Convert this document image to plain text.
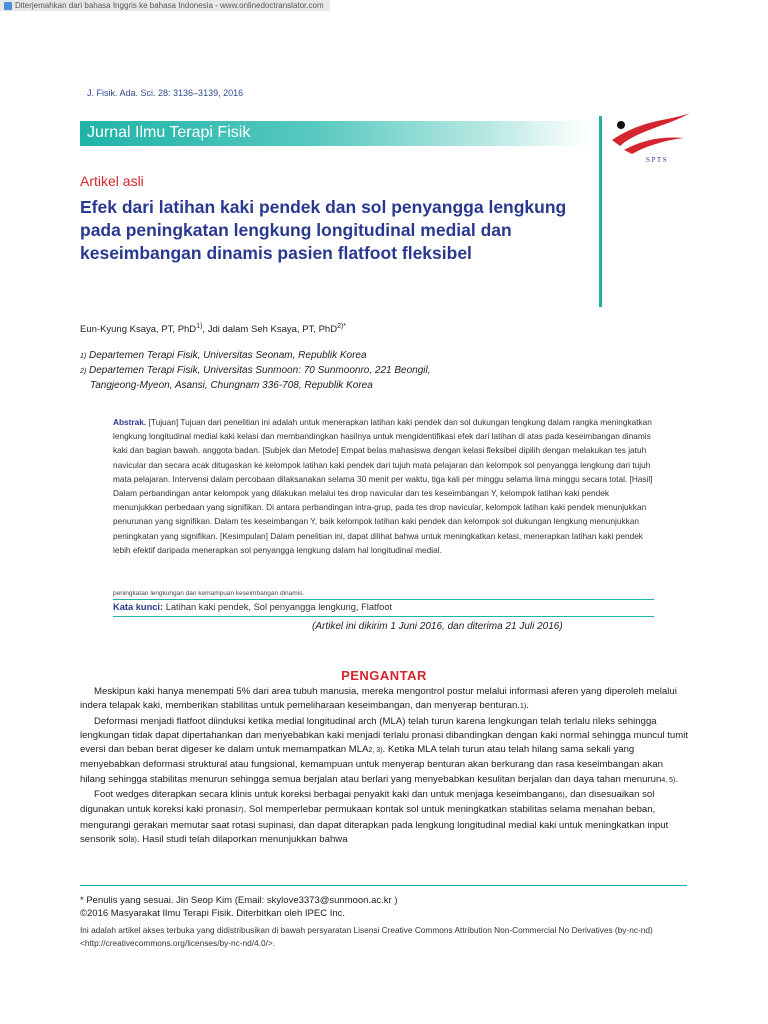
Diterjemahkan dari bahasa Inggris ke bahasa Indonesia - www.onlinedoctranslator.com
J. Fisik. Ada. Sci. 28: 3136–3139, 2016
Jurnal Ilmu Terapi Fisik
S P T S
Artikel asli
Efek dari latihan kaki pendek dan sol penyangga lengkung pada peningkatan lengkung longitudinal medial dan keseimbangan dinamis pasien flatfoot fleksibel
Eun-Kyung Ksaya, PT, PhD$^{1)}$, Jdi dalam Seh Ksaya, PT, PhD$^{2)*}$
1) Departemen Terapi Fisik, Universitas Seonam, Republik Korea
2) Departemen Terapi Fisik, Universitas Sunmoon: 70 Sunmoonro, 221 Beongil,
Tangjeong-Myeon, Asansi, Chungnam 336-708, Republik Korea
Abstrak. [Tujuan] Tujuan dari penelitian ini adalah untuk menerapkan latihan kaki pendek dan sol dukungan lengkung dalam rangka meningkatkan lengkung longitudinal medial kaki kelasi dan membandingkan hasilnya untuk mengidentifikasi efek dari latihan di atas pada keseimbangan dinamis kaki dan bagian bawah. anggota badan. [Subjek dan Metode] Empat belas mahasiswa dengan kelasi fleksibel dipilih dengan melakukan tes jatuh navicular dan secara acak ditugaskan ke kelompok latihan kaki pendek dari tujuh mata pelajaran dan kelompok sol penyangga lengkung dari tujuh mata pelajaran. Intervensi dalam percobaan dilaksanakan selama 30 menit per waktu, tiga kali per minggu selama lima minggu secara total. [Hasil] Dalam perbandingan antar kelompok yang dilakukan melalui tes drop navicular dan tes keseimbangan Y, kelompok latihan kaki pendek menunjukkan perbedaan yang signifikan. Di antara perbandingan intra-grup, pada tes drop navicular, kelompok latihan kaki pendek menunjukkan penurunan yang signifikan. Dalam tes keseimbangan Y, baik kelompok latihan kaki pendek dan kelompok sol dukungan lengkung menunjukkan peningkatan yang signifikan. [Kesimpulan] Dalam penelitian ini, dapat dilihat bahwa untuk meningkatkan kelasi, menerapkan latihan kaki pendek lebih efektif daripada menerapkan sol penyangga lengkung dalam hal longitudinal medial.
peningkatan lengkungan dan kemampuan keseimbangan dinamis.
Kata kunci: Latihan kaki pendek, Sol penyangga lengkung, Flatfoot
(Artikel ini dikirim 1 Juni 2016, dan diterima 21 Juli 2016)
PENGANTAR

Meskipun kaki hanya menempati 5% dari area tubuh manusia, mereka mengontrol postur melalui informasi aferen yang diperoleh melalui indera telapak kaki, memberikan stabilitas untuk pemeliharaan keseimbangan, dan menyerap benturan.1).

Deformasi menjadi flatfoot diinduksi ketika medial longitudinal arch (MLA) telah turun karena lengkungan telah terlalu rileks sehingga lengkungan tidak dapat dipertahankan dan menyebabkan kaki menjadi terlalu pronasi dibandingkan dengan kaki normal sehingga muncul tumit eversi dan beban berat digeser ke dalam untuk memampatkan MLA2, 3). Ketika MLA telah turun atau telah hilang sama sekali yang menyebabkan deformasi struktural atau fungsional, kemampuan untuk menyerap benturan akan berkurang dan rasa keseimbangan akan hilang sehingga stabilitas menurun sehingga semua berjalan atau berlari yang menyebabkan kesulitan berjalan dan daya tahan menurun4, 5).

Foot wedges diterapkan secara klinis untuk koreksi berbagai penyakit kaki dan untuk menjaga keseimbangan6), dan disesuaikan sol digunakan untuk koreksi kaki pronasi7). Sol memperlebar permukaan kontak sol untuk meningkatkan stabilitas selama menahan beban, mengurangi gerakan memutar saat rotasi supinasi, dan dapat diterapkan pada lengkung longitudinal medial kaki untuk meningkatkan input sensorik sol8). Hasil studi telah dilaporkan menunjukkan bahwa

* Penulis yang sesuai. Jin Seop Kim (Email: skylove3373@sunmoon.ac.kr )
©2016 Masyarakat Ilmu Terapi Fisik. Diterbitkan oleh IPEC Inc.
Ini adalah artikel akses terbuka yang didistribusikan di bawah persyaratan Lisensi Creative Commons Attribution Non-Commercial No Derivatives (by-nc-nd) <http://creativecommons.org/licenses/by-nc-nd/4.0/>.
